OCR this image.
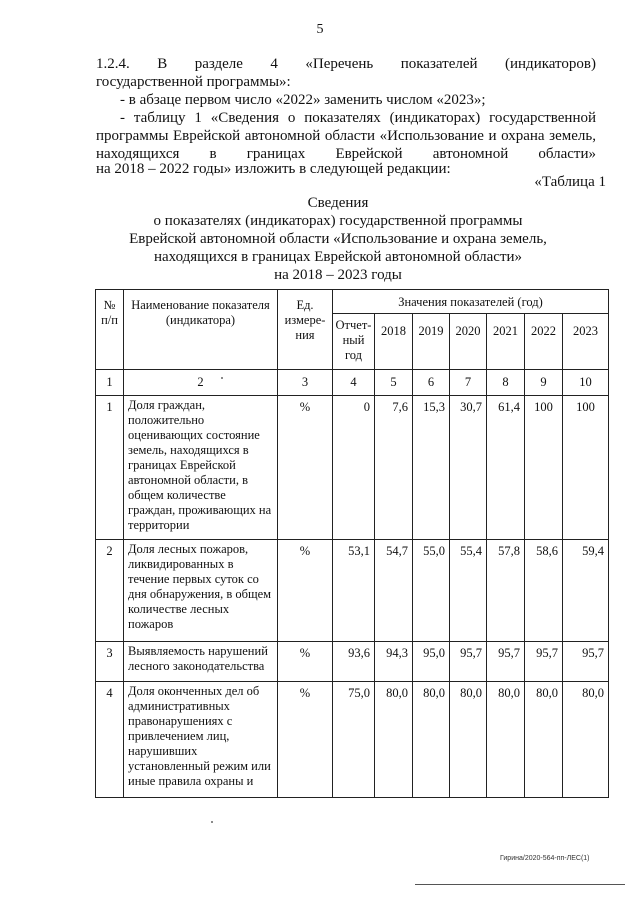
5
1.2.4. В разделе 4 «Перечень показателей (индикаторов)
государственной программы»:
- в абзаце первом число «2022» заменить числом «2023»;
- таблицу 1 «Сведения о показателях (индикаторах) государственной
программы Еврейской автономной области «Использование и охрана земель,
находящихся в границах Еврейской автономной области»
на 2018 – 2022 годы» изложить в следующей редакции:
«Таблица 1
Сведения
о показателях (индикаторах) государственной программы
Еврейской автономной области «Использование и охрана земель,
находящихся в границах Еврейской автономной области»
на 2018 – 2023 годы
№ п/п	Наименование показателя (индикатора)	Ед. измере-ния	Значения показателей (год)						
			Отчет-ный год	2018	2019	2020	2021	2022	2023
1	2	3	4	5	6	7	8	9	10
1	Доля граждан, положительно оценивающих состояние земель, находящихся в границах Еврейской автономной области, в общем количестве граждан, проживающих на территории	%	0	7,6	15,3	30,7	61,4	100	100
2	Доля лесных пожаров, ликвидированных в течение первых суток со дня обнаружения, в общем количестве лесных пожаров	%	53,1	54,7	55,0	55,4	57,8	58,6	59,4
3	Выявляемость нарушений лесного законодательства	%	93,6	94,3	95,0	95,7	95,7	95,7	95,7
4	Доля оконченных дел об административных правонарушениях с привлечением лиц, нарушивших установленный режим или иные правила охраны и	%	75,0	80,0	80,0	80,0	80,0	80,0	80,0
Гирина/2020-564-пп-ЛЕС(1)
